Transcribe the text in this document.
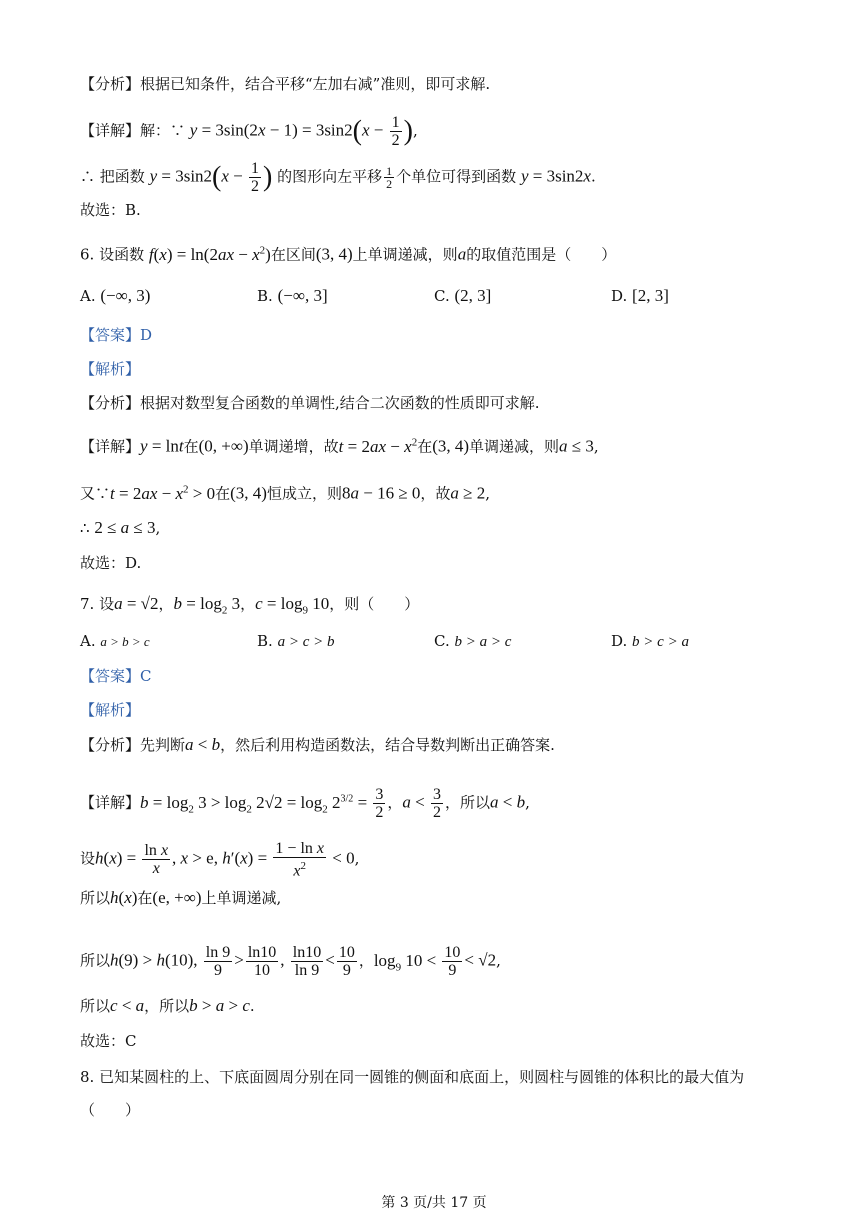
【分析】根据已知条件，结合平移“左加右减”准则，即可求解.
【详解】解：∵ $y = 3\sin(2x - 1) = 3\sin 2(x - \frac{1}{2}$ ),
∴ 把函数 $y = 3\sin 2(x - \frac{1}{2}$ ) 的图形向左平移 $\frac{1}{2}$ 个单位可得到函数 y = 3sin2x.
故选：B.
6. 设函数 $f(x) = \ln(2ax - x^2)$在区间(3, 4)上单调递减，则a的取值范围是（　　）
A. (−∞, 3)	B. (−∞, 3]	C. (2, 3]	D. [2, 3]
【答案】D
【解析】
【分析】根据对数型复合函数的单调性,结合二次函数的性质即可求解.
【详解】y = lnt在(0, +∞)单调递增，故$t = 2ax - x^2$在(3, 4)单调递减，则a ≤ 3,
又∵t = $2ax - x^2 > 0$在(3, 4)恒成立，则8a − 16 ≥ 0，故a ≥ 2,
∴ 2 ≤ a ≤ 3,
故选：D.
7. 设a = √2，$b = \log_2 3$，$c = \log_9 10$，则（　　）
A. a > b > c	B. a > c > b	C. b > a > c	D. b > c > a
【答案】C
【解析】
【分析】先判断a < b，然后利用构造函数法，结合导数判断出正确答案.
【详解】$b = \log_2 3 > \log_2 2√2 = \log_2 2^{3/2} = \frac{3}{2}$ ，$a < \frac{3}{2}$ ，所以a < b,
设$h(x) = \frac{\text{ln x}}{x}$ , x > e, $h'(x) = \frac{\text{1 − ln x}}{x^2} < 0$,
所以h(x)在(e, +∞)上单调递减,
所以h(9) > h(10), $\frac{\ln 9}{9} > \frac{\ln 10}{10}$ , $\frac{\ln 10}{\ln 9} < \frac{10}{9}$ ，$\log_9 10 < \frac{10}{9} < √2$,
所以c < a，所以b > a > c.
故选：C
8. 已知某圆柱的上、下底面圆周分别在同一圆锥的侧面和底面上，则圆柱与圆锥的体积比的最大值为
（　　）
第 3 页/共 17 页
